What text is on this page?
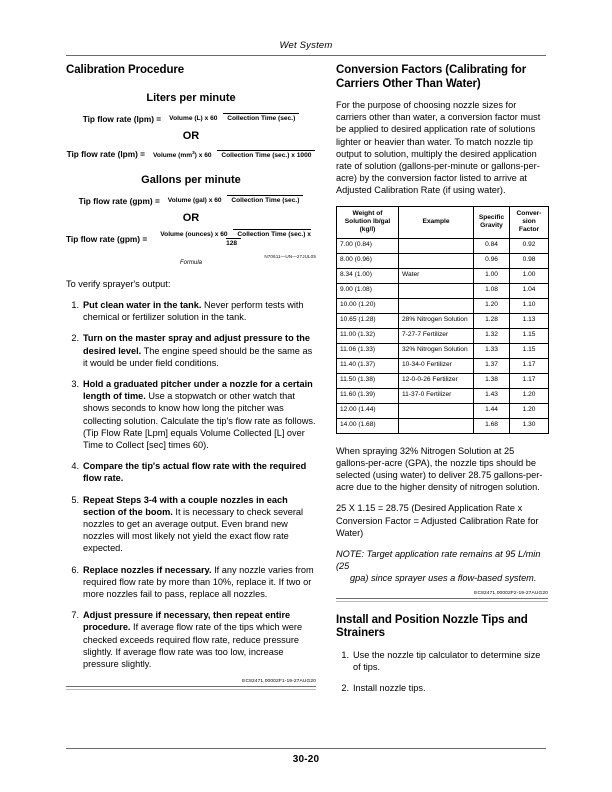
Wet System
Calibration Procedure
Liters per minute
Tip flow rate (lpm) =	Volume (L) x 60 Collection Time (sec.)
OR
Tip flow rate (lpm) =	Volume $(mm^3)$ x 60 Collection Time (sec.) x 1000
Gallons per minute
Tip flow rate (gpm) =	Volume (gal) x 60 Collection Time (sec.)
OR
Tip flow rate (gpm) =	Volume (ounces) x 60 Collection Time (sec.) x 128
N70611—UN—27JUL05
Formula

To verify sprayer's output:

1. Put clean water in the tank. Never perform tests with chemical or fertilizer solution in the tank.
2. Turn on the master spray and adjust pressure to the desired level. The engine speed should be the same as it would be under field conditions.
3. Hold a graduated pitcher under a nozzle for a certain length of time. Use a stopwatch or other watch that shows seconds to know how long the pitcher was collecting solution. Calculate the tip's flow rate as follows. (Tip Flow Rate [Lpm] equals Volume Collected [L] over Time to Collect [sec] times 60).
4. Compare the tip's actual flow rate with the required flow rate.
5. Repeat Steps 3-4 with a couple nozzles in each section of the boom. It is necessary to check several nozzles to get an average output. Even brand new nozzles will most likely not yield the exact flow rate expected.
6. Replace nozzles if necessary. If any nozzle varies from required flow rate by more than 10%, replace it. If two or more nozzles fail to pass, replace all nozzles.
7. Adjust pressure if necessary, then repeat entire procedure. If average flow rate of the tips which were checked exceeds required flow rate, reduce pressure slightly. If average flow rate was too low, increase pressure slightly.
EC82471,00002F1-19-27AUG20
Conversion Factors (Calibrating for Carriers Other Than Water)

For the purpose of choosing nozzle sizes for carriers other than water, a conversion factor must be applied to desired application rate of solutions lighter or heavier than water. To match nozzle tip output to solution, multiply the desired application rate of solution (gallons-per-minute or gallons-per-acre) by the conversion factor listed to arrive at Adjusted Calibration Rate (if using water).

Weight of
Solution lb/gal
(kg/l)	Example	Specific
Gravity	Conver-
sion Factor
7.00 (0.84)		0.84	0.92
8.00 (0.96)		0.96	0.98
8.34 (1.00)	Water	1.00	1.00
9.00 (1.08)		1.08	1.04
10.00 (1.20)		1.20	1.10
10.65 (1.28)	28% Nitrogen Solution	1.28	1.13
11.00 (1.32)	7-27-7 Fertilizer	1.32	1.15
11.06 (1.33)	32% Nitrogen Solution	1.33	1.15
11.40 (1.37)	10-34-0 Fertilizer	1.37	1.17
11.50 (1.38)	12-0-0-26 Fertilizer	1.38	1.17
11.60 (1.39)	11-37-0 Fertilizer	1.43	1.20
12.00 (1.44)		1.44	1.20
14.00 (1.68)		1.68	1.30

When spraying 32% Nitrogen Solution at 25 gallons-per-acre (GPA), the nozzle tips should be selected (using water) to deliver 28.75 gallons-per-acre due to the higher density of nitrogen solution.

25 X 1.15 = 28.75 (Desired Application Rate x Conversion Factor = Adjusted Calibration Rate for Water)

NOTE: Target application rate remains at 95 L/min (25
gpa) since sprayer uses a flow-based system.

EC82471,00002F2-19-27AUG20
Install and Position Nozzle Tips and Strainers
1. Use the nozzle tip calculator to determine size of tips.
2. Install nozzle tips.
30-20
